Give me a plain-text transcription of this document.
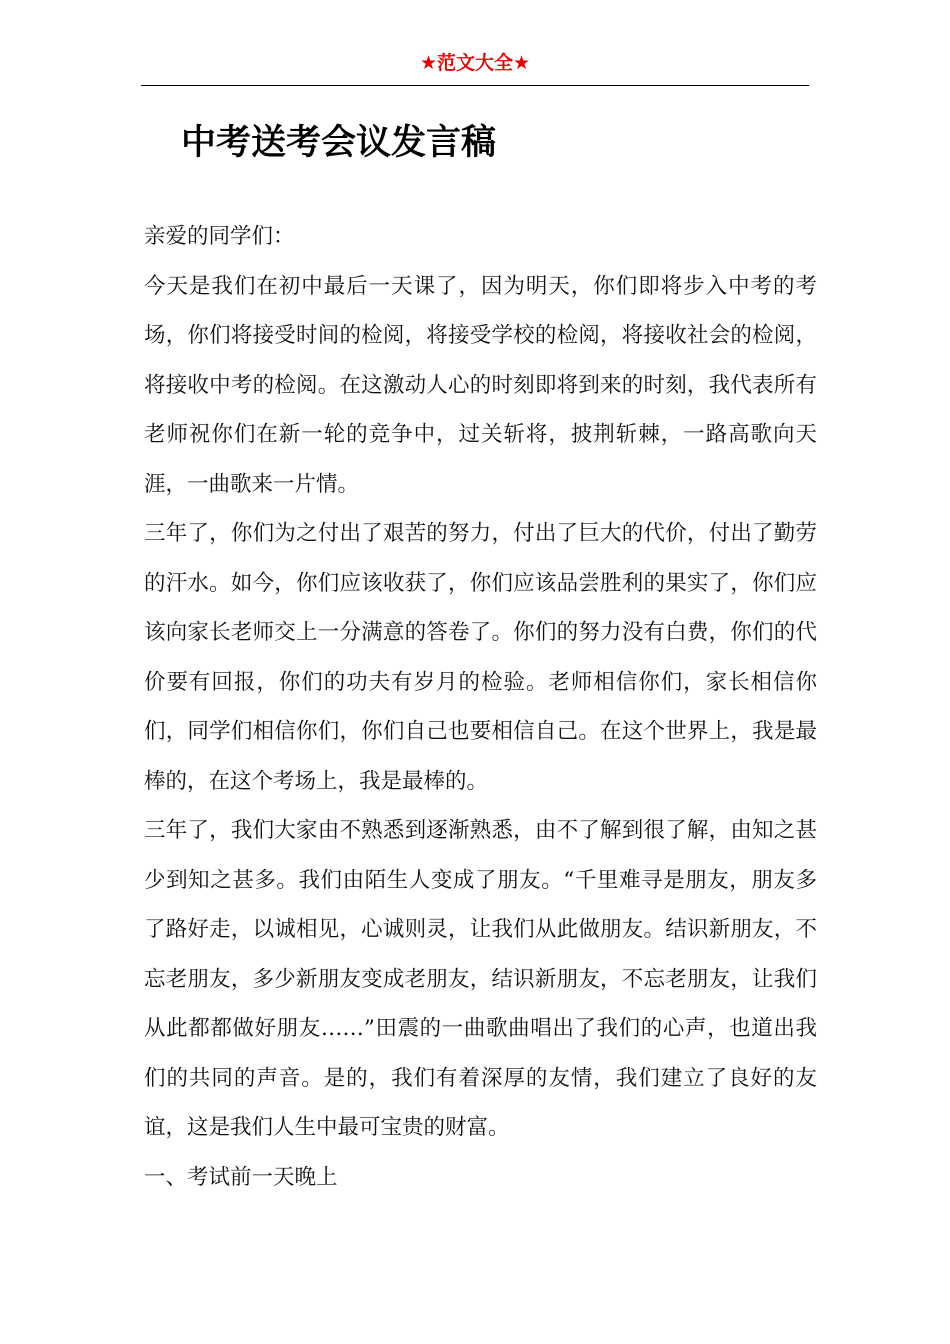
★范文大全★
中考送考会议发言稿

亲爱的同学们：

今天是我们在初中最后一天课了，因为明天，你们即将步入中考的考场，你们将接受时间的检阅，将接受学校的检阅，将接收社会的检阅，将接收中考的检阅。在这激动人心的时刻即将到来的时刻，我代表所有老师祝你们在新一轮的竞争中，过关斩将，披荆斩棘，一路高歌向天涯，一曲歌来一片情。

三年了，你们为之付出了艰苦的努力，付出了巨大的代价，付出了勤劳的汗水。如今，你们应该收获了，你们应该品尝胜利的果实了，你们应该向家长老师交上一分满意的答卷了。你们的努力没有白费，你们的代价要有回报，你们的功夫有岁月的检验。老师相信你们，家长相信你们，同学们相信你们，你们自己也要相信自己。在这个世界上，我是最棒的，在这个考场上，我是最棒的。

三年了，我们大家由不熟悉到逐渐熟悉，由不了解到很了解，由知之甚少到知之甚多。我们由陌生人变成了朋友。“千里难寻是朋友，朋友多了路好走，以诚相见，心诚则灵，让我们从此做朋友。结识新朋友，不忘老朋友，多少新朋友变成老朋友，结识新朋友，不忘老朋友，让我们从此都都做好朋友……”田震的一曲歌曲唱出了我们的心声，也道出我们的共同的声音。是的，我们有着深厚的友情，我们建立了良好的友谊，这是我们人生中最可宝贵的财富。

一、考试前一天晚上
